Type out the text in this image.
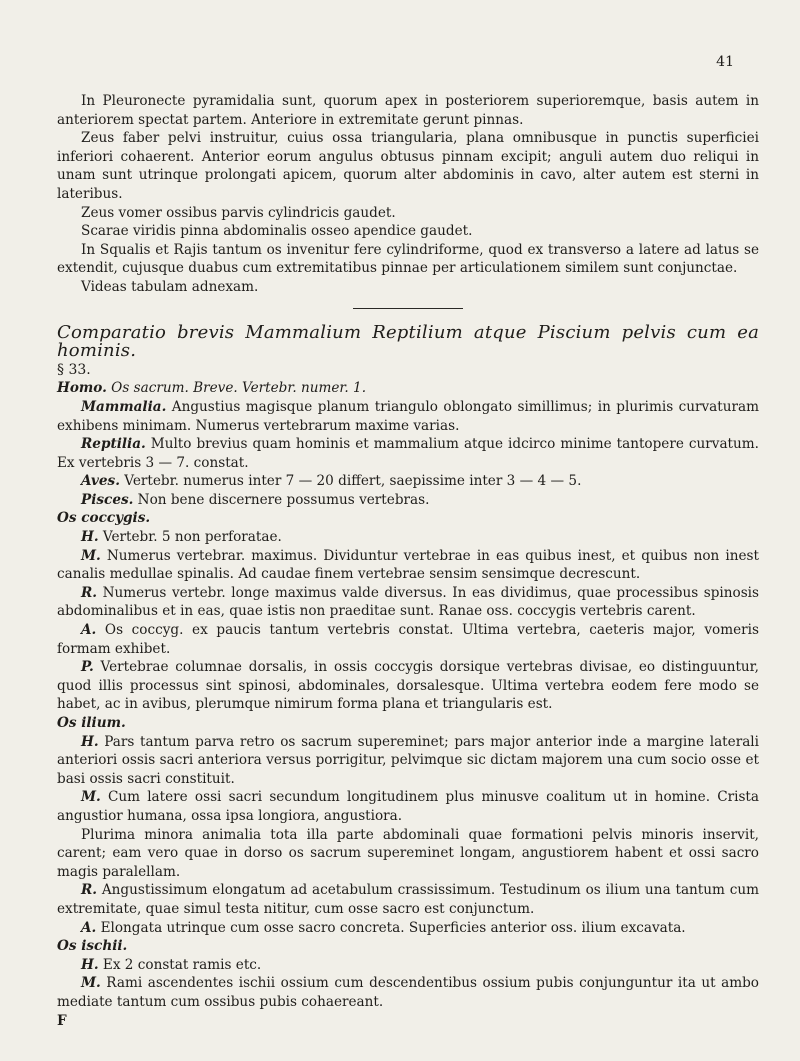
41

In Pleuronecte pyramidalia sunt, quorum apex in posteriorem superioremque, basis autem in anteriorem spectat partem. Anteriore in extremitate gerunt pinnas.

Zeus faber pelvi instruitur, cuius ossa triangularia, plana omnibusque in punctis superficiei inferiori cohaerent. Anterior eorum angulus obtusus pinnam excipit; anguli autem duo reliqui in unam sunt utrinque prolongati apicem, quorum alter abdominis in cavo, alter autem est sterni in lateribus.

Zeus vomer ossibus parvis cylindricis gaudet.

Scarae viridis pinna abdominalis osseo apendice gaudet.

In Squalis et Rajis tantum os invenitur fere cylindriforme, quod ex transverso a latere ad latus se extendit, cujusque duabus cum extremitatibus pinnae per articulationem similem sunt conjunctae.

Videas tabulam adnexam.

Comparatio brevis Mammalium Reptilium atque Piscium pelvis cum ea hominis.

§ 33.

Homo. Os sacrum. Breve. Vertebr. numer. 1.

Mammalia. Angustius magisque planum triangulo oblongato simillimus; in plurimis curvaturam exhibens minimam. Numerus vertebrarum maxime varias.

Reptilia. Multo brevius quam hominis et mammalium atque idcirco minime tantopere curvatum. Ex vertebris 3 — 7. constat.

Aves. Vertebr. numerus inter 7 — 20 differt, saepissime inter 3 — 4 — 5.

Pisces. Non bene discernere possumus vertebras.

Os coccygis.

H. Vertebr. 5 non perforatae.

M. Numerus vertebrar. maximus. Dividuntur vertebrae in eas quibus inest, et quibus non inest canalis medullae spinalis. Ad caudae finem vertebrae sensim sensimque decrescunt.

R. Numerus vertebr. longe maximus valde diversus. In eas dividimus, quae processibus spinosis abdominalibus et in eas, quae istis non praeditae sunt. Ranae oss. coccygis vertebris carent.

A. Os coccyg. ex paucis tantum vertebris constat. Ultima vertebra, caeteris major, vomeris formam exhibet.

P. Vertebrae columnae dorsalis, in ossis coccygis dorsique vertebras divisae, eo distinguuntur, quod illis processus sint spinosi, abdominales, dorsalesque. Ultima vertebra eodem fere modo se habet, ac in avibus, plerumque nimirum forma plana et triangularis est.

Os ilium.

H. Pars tantum parva retro os sacrum supereminet; pars major anterior inde a margine laterali anteriori ossis sacri anteriora versus porrigitur, pelvimque sic dictam majorem una cum socio osse et basi ossis sacri constituit.

M. Cum latere ossi sacri secundum longitudinem plus minusve coalitum ut in homine. Crista angustior humana, ossa ipsa longiora, angustiora.

Plurima minora animalia tota illa parte abdominali quae formationi pelvis minoris inservit, carent; eam vero quae in dorso os sacrum supereminet longam, angustiorem habent et ossi sacro magis paralellam.

R. Angustissimum elongatum ad acetabulum crassissimum. Testudinum os ilium una tantum cum extremitate, quae simul testa nititur, cum osse sacro est conjunctum.

A. Elongata utrinque cum osse sacro concreta. Superficies anterior oss. ilium excavata.

Os ischii.

H. Ex 2 constat ramis etc.

M. Rami ascendentes ischii ossium cum descendentibus ossium pubis conjunguntur ita ut ambo mediate tantum cum ossibus pubis cohaereant.

F
